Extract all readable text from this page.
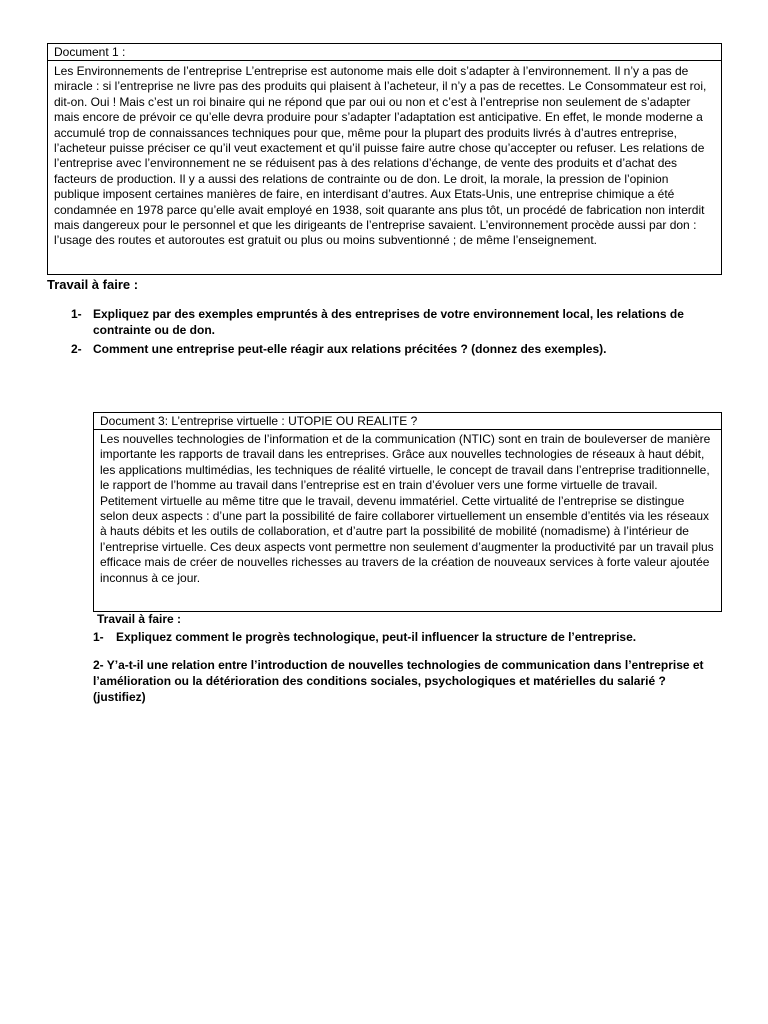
Document 1 :
Les Environnements de l’entreprise L’entreprise est autonome mais elle doit s’adapter à l’environnement. Il n’y a pas de miracle : si l’entreprise ne livre pas des produits qui plaisent à l’acheteur, il n’y a pas de recettes. Le Consommateur est roi, dit-on. Oui ! Mais c’est un roi binaire qui ne répond que par oui ou non et c’est à l’entreprise non seulement de s’adapter mais encore de prévoir ce qu’elle devra produire pour s’adapter l’adaptation est anticipative. En effet, le monde moderne a accumulé trop de connaissances techniques pour que, même pour la plupart des produits livrés à d’autres entreprise, l’acheteur puisse préciser ce qu’il veut exactement et qu’il puisse faire autre chose qu’accepter ou refuser. Les relations de l’entreprise avec l’environnement ne se réduisent pas à des relations d’échange, de vente des produits et d’achat des facteurs de production. Il y a aussi des relations de contrainte ou de don. Le droit, la morale, la pression de l’opinion publique imposent certaines manières de faire, en interdisant d’autres. Aux Etats-Unis, une entreprise chimique a été condamnée en 1978 parce qu’elle avait employé en 1938, soit quarante ans plus tôt, un procédé de fabrication non interdit mais dangereux pour le personnel et que les dirigeants de l’entreprise savaient. L’environnement procède aussi par don : l’usage des routes et autoroutes est gratuit ou plus ou moins subventionné ; de même l’enseignement.
Travail à faire :
1- Expliquez par des exemples empruntés à des entreprises de votre environnement local, les relations de contrainte ou de don.
2- Comment une entreprise peut-elle réagir aux relations précitées ? (donnez des exemples).
Document 3: L’entreprise virtuelle : UTOPIE OU REALITE ?
Les nouvelles technologies de l’information et de la communication (NTIC) sont en train de bouleverser de manière importante les rapports de travail dans les entreprises. Grâce aux nouvelles technologies de réseaux à haut débit, les applications multimédias, les techniques de réalité virtuelle, le concept de travail dans l’entreprise traditionnelle, le rapport de l’homme au travail dans l’entreprise est en train d’évoluer vers une forme virtuelle de travail. Petitement virtuelle au même titre que le travail, devenu immatériel. Cette virtualité de l’entreprise se distingue selon deux aspects : d’une part la possibilité de faire collaborer virtuellement un ensemble d’entités via les réseaux à hauts débits et les outils de collaboration, et d’autre part la possibilité de mobilité (nomadisme) à l’intérieur de l’entreprise virtuelle. Ces deux aspects vont permettre non seulement d’augmenter la productivité par un travail plus efficace mais de créer de nouvelles richesses au travers de la création de nouveaux services à forte valeur ajoutée inconnus à ce jour.
Travail à faire :
1-	Expliquez comment le progrès technologique, peut-il influencer la structure de l’entreprise.
2- Y’a-t-il une relation entre l’introduction de nouvelles technologies de communication dans l’entreprise et l’amélioration ou la détérioration des conditions sociales, psychologiques et matérielles du salarié ? (justifiez)
